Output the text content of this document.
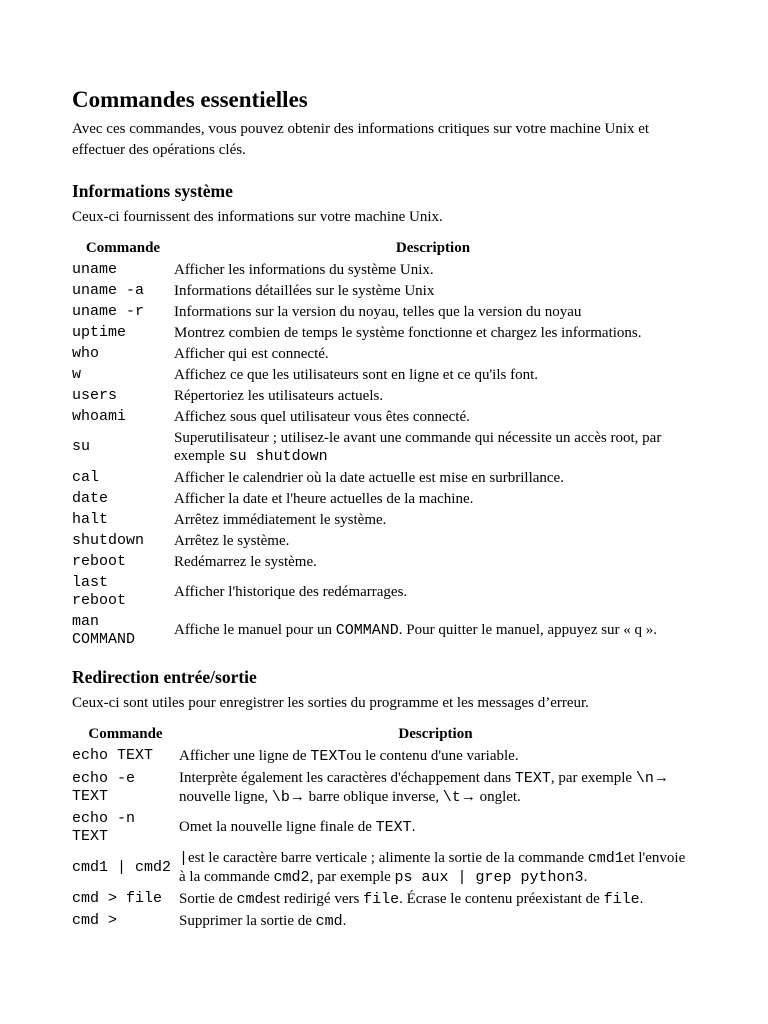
Commandes essentielles

Avec ces commandes, vous pouvez obtenir des informations critiques sur votre machine Unix et effectuer des opérations clés.

Informations système

Ceux-ci fournissent des informations sur votre machine Unix.

Commande	Description
uname	Afficher les informations du système Unix.
uname -a	Informations détaillées sur le système Unix
uname -r	Informations sur la version du noyau, telles que la version du noyau
uptime	Montrez combien de temps le système fonctionne et chargez les informations.
who	Afficher qui est connecté.
w	Affichez ce que les utilisateurs sont en ligne et ce qu'ils font.
users	Répertoriez les utilisateurs actuels.
whoami	Affichez sous quel utilisateur vous êtes connecté.
su	Superutilisateur ; utilisez-le avant une commande qui nécessite un accès root, par exemple su shutdown
cal	Afficher le calendrier où la date actuelle est mise en surbrillance.
date	Afficher la date et l'heure actuelles de la machine.
halt	Arrêtez immédiatement le système.
shutdown	Arrêtez le système.
reboot	Redémarrez le système.

last
reboot	Afficher l'historique des redémarrages.

man
COMMAND	Affiche le manuel pour un COMMAND. Pour quitter le manuel, appuyez sur « q ».
Redirection entrée/sortie

Ceux-ci sont utiles pour enregistrer les sorties du programme et les messages d’erreur.

Commande	Description
echo TEXT	Afficher une ligne de TEXTou le contenu d'une variable.

echo -e
TEXT	Interprète également les caractères d'échappement dans TEXT, par exemple \n→ nouvelle ligne, \b→ barre oblique inverse, \t→ onglet.

echo -n
TEXT	Omet la nouvelle ligne finale de TEXT.
cmd1 | cmd2	|est le caractère barre verticale ; alimente la sortie de la commande cmd1et l'envoie à la commande cmd2, par exemple ps aux | grep python3.
cmd > file	Sortie de cmdest redirigé vers file. Écrase le contenu préexistant de file.
cmd >	Supprimer la sortie de cmd.
